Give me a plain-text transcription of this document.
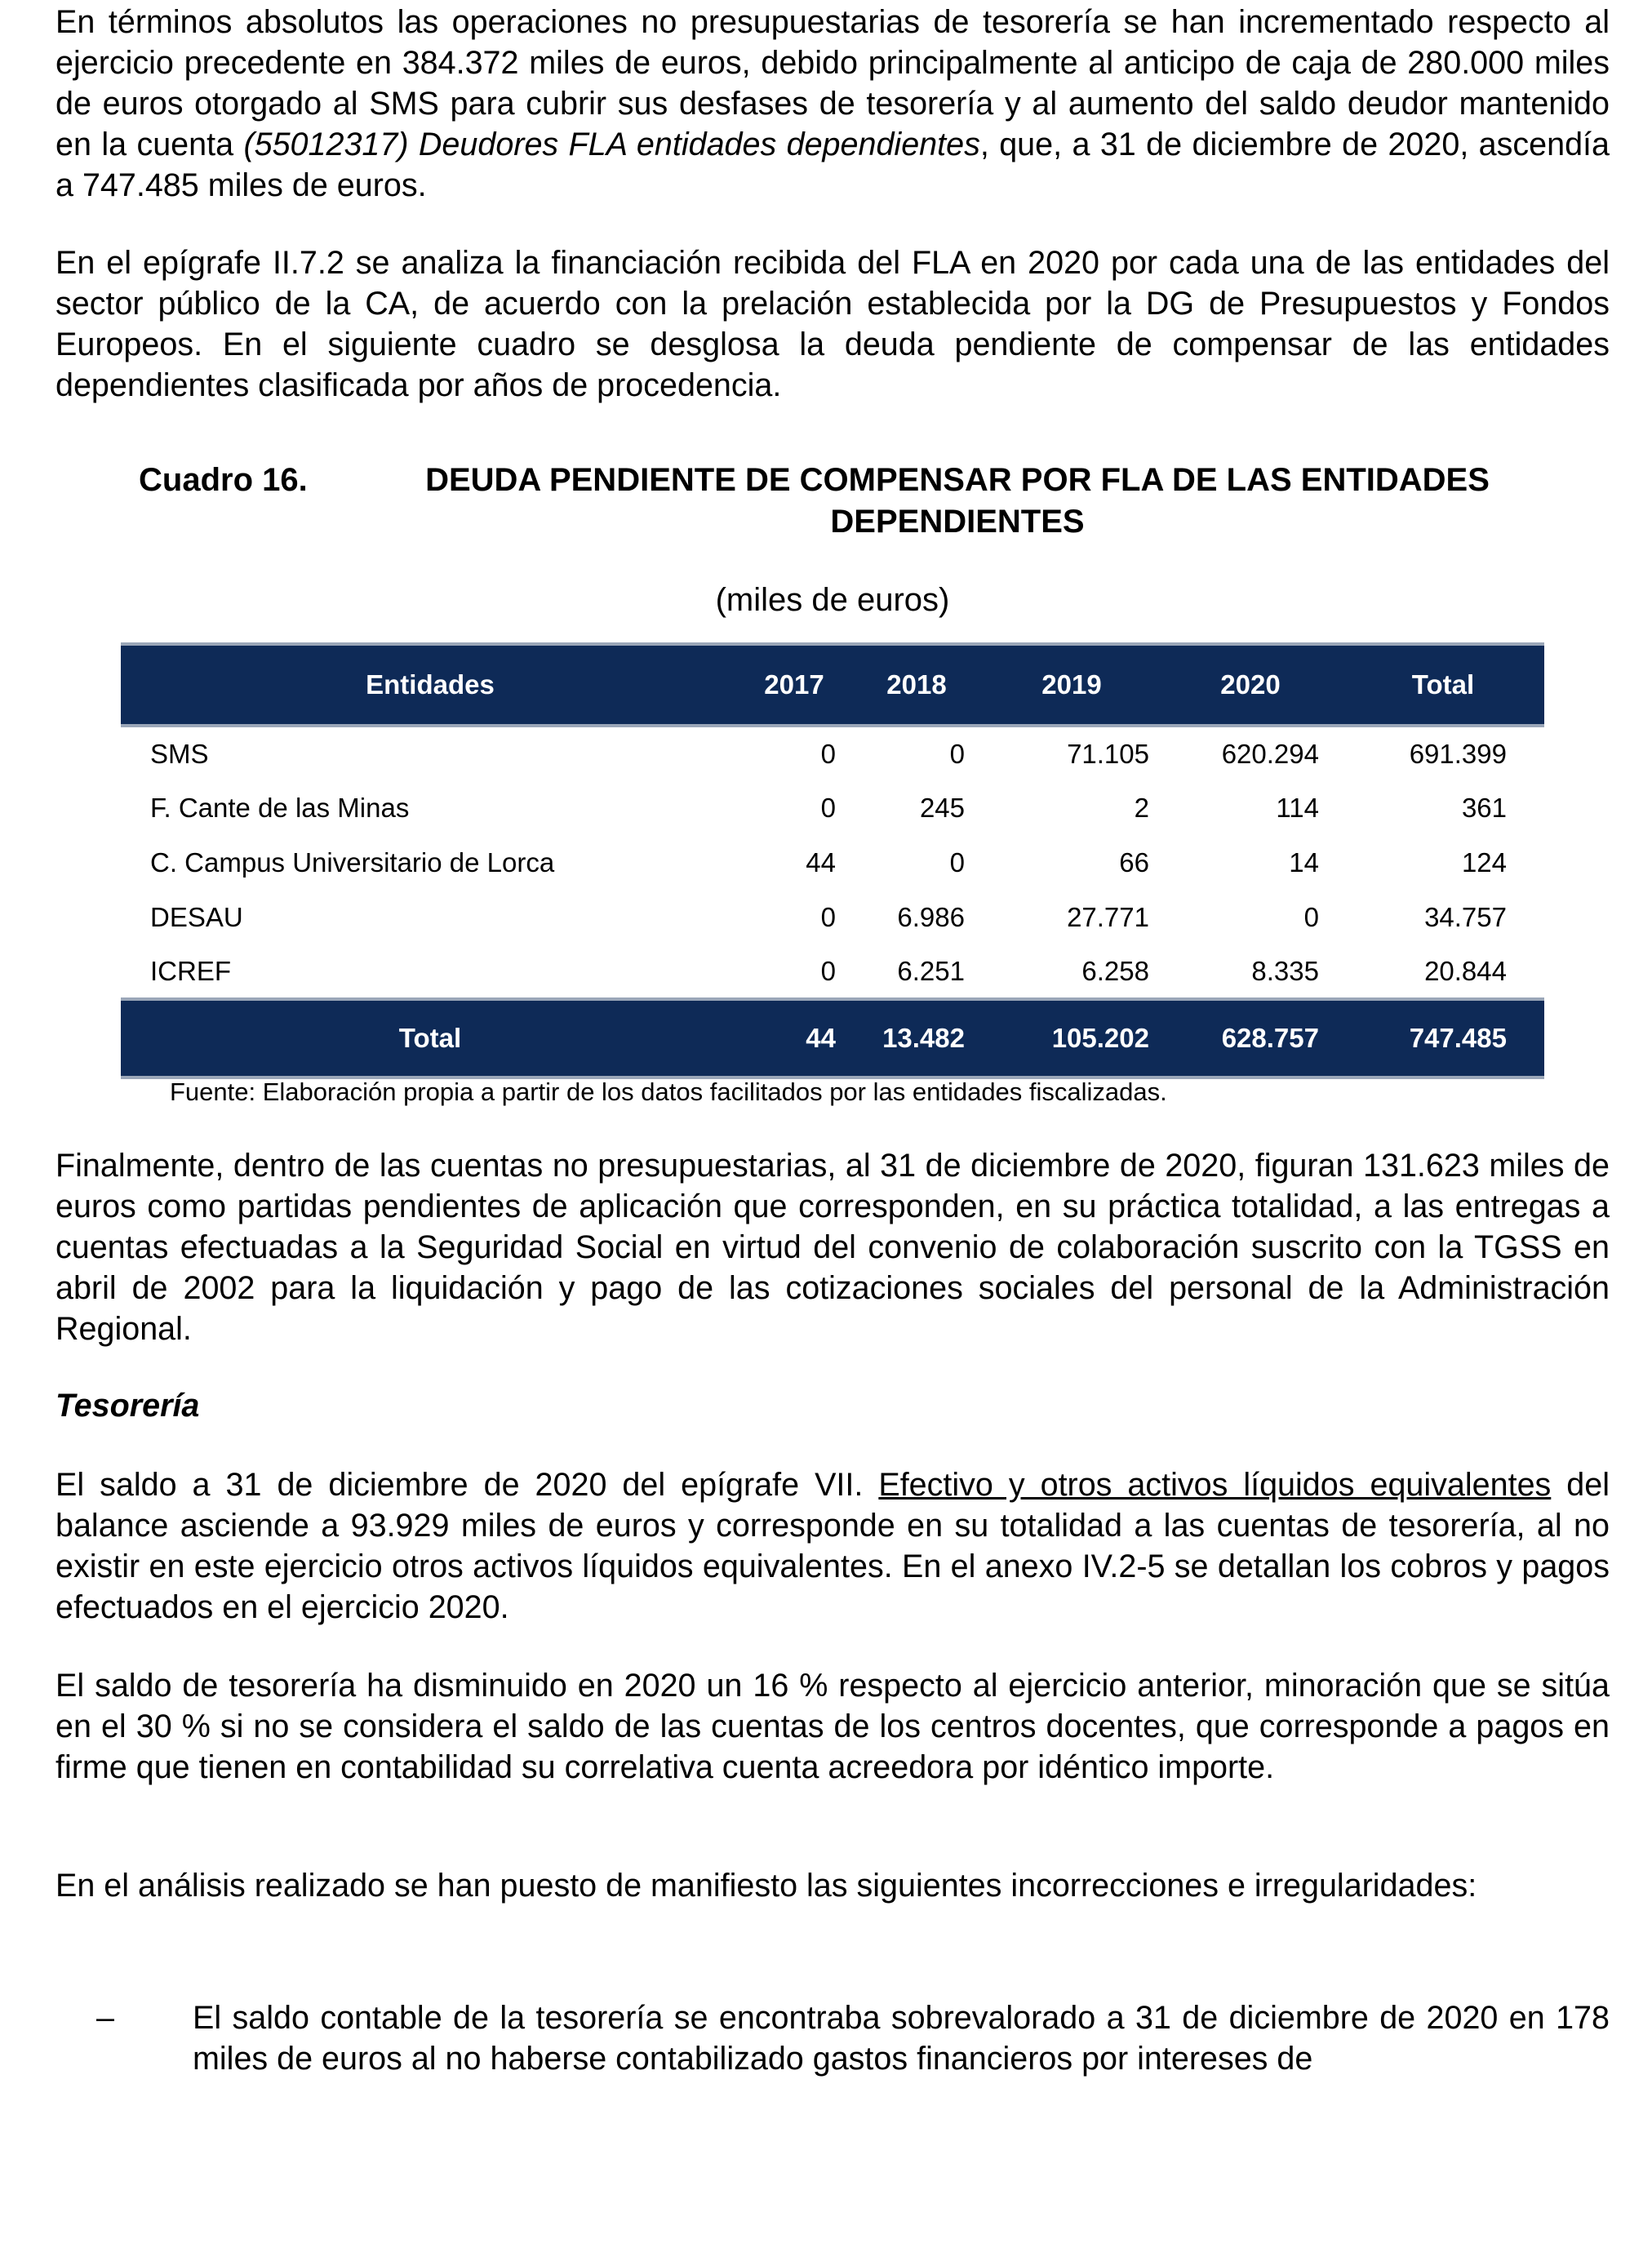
En términos absolutos las operaciones no presupuestarias de tesorería se han incrementado respecto al ejercicio precedente en 384.372 miles de euros, debido principalmente al anticipo de caja de 280.000 miles de euros otorgado al SMS para cubrir sus desfases de tesorería y al aumento del saldo deudor mantenido en la cuenta (55012317) Deudores FLA entidades dependientes, que, a 31 de diciembre de 2020, ascendía a 747.485 miles de euros.

En el epígrafe II.7.2 se analiza la financiación recibida del FLA en 2020 por cada una de las entidades del sector público de la CA, de acuerdo con la prelación establecida por la DG de Presupuestos y Fondos Europeos. En el siguiente cuadro se desglosa la deuda pendiente de compensar de las entidades dependientes clasificada por años de procedencia.

Cuadro 16.	DEUDA PENDIENTE DE COMPENSAR POR FLA DE LAS ENTIDADES DEPENDIENTES
(miles de euros)
Entidades	2017	2018	2019	2020	Total
SMS	0	0	71.105	620.294	691.399
F. Cante de las Minas	0	245	2	114	361
C. Campus Universitario de Lorca	44	0	66	14	124
DESAU	0	6.986	27.771	0	34.757
ICREF	0	6.251	6.258	8.335	20.844
Total	44	13.482	105.202	628.757	747.485
Fuente: Elaboración propia a partir de los datos facilitados por las entidades fiscalizadas.

Finalmente, dentro de las cuentas no presupuestarias, al 31 de diciembre de 2020, figuran 131.623 miles de euros como partidas pendientes de aplicación que corresponden, en su práctica totalidad, a las entregas a cuentas efectuadas a la Seguridad Social en virtud del convenio de colaboración suscrito con la TGSS en abril de 2002 para la liquidación y pago de las cotizaciones sociales del personal de la Administración Regional.

Tesorería

El saldo a 31 de diciembre de 2020 del epígrafe VII. Efectivo y otros activos líquidos equivalentes del balance asciende a 93.929 miles de euros y corresponde en su totalidad a las cuentas de tesorería, al no existir en este ejercicio otros activos líquidos equivalentes. En el anexo IV.2-5 se detallan los cobros y pagos efectuados en el ejercicio 2020.

El saldo de tesorería ha disminuido en 2020 un 16 % respecto al ejercicio anterior, minoración que se sitúa en el 30 % si no se considera el saldo de las cuentas de los centros docentes, que corresponde a pagos en firme que tienen en contabilidad su correlativa cuenta acreedora por idéntico importe.

En el análisis realizado se han puesto de manifiesto las siguientes incorrecciones e irregularidades:

– El saldo contable de la tesorería se encontraba sobrevalorado a 31 de diciembre de 2020 en 178 miles de euros al no haberse contabilizado gastos financieros por intereses de
